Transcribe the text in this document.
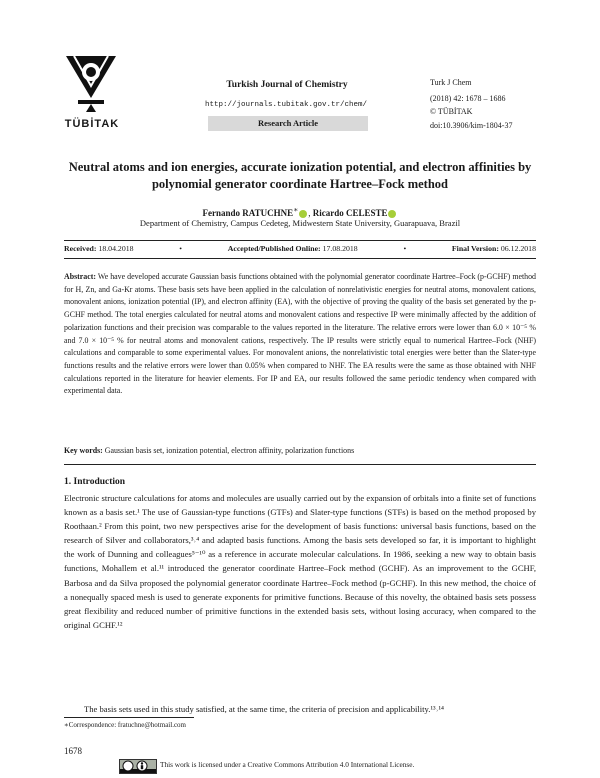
TÜBİTAK
Turkish Journal of Chemistry
http://journals.tubitak.gov.tr/chem/
Research Article
Turk J Chem
(2018) 42: 1678 – 1686
© TÜBİTAK
doi:10.3906/kim-1804-37
Neutral atoms and ion energies, accurate ionization potential, and electron affinities by polynomial generator coordinate Hartree–Fock method
Fernando RATUCHNE∗ , Ricardo CELESTE
Department of Chemistry, Campus Cedeteg, Midwestern State University, Guarapuava, Brazil
Received: 18.04.2018	•	Accepted/Published Online: 17.08.2018	•	Final Version: 06.12.2018
Abstract: We have developed accurate Gaussian basis functions obtained with the polynomial generator coordinate Hartree–Fock (p-GCHF) method for H, Zn, and Ga-Kr atoms. These basis sets have been applied in the calculation of nonrelativistic energies for neutral atoms, monovalent cations, monovalent anions, ionization potential (IP), and electron affinity (EA), with the objective of proving the quality of the basis set generated by the p-GCHF method. The total energies calculated for neutral atoms and monovalent cations and respective IP were minimally affected by the addition of polarization functions and their precision was comparable to the values reported in the literature. The relative errors were lower than 6.0 × 10⁻⁵ % and 7.0 × 10⁻⁵ % for neutral atoms and monovalent cations, respectively. The IP results were strictly equal to numerical Hartree–Fock (NHF) calculations and comparable to some experimental values. For monovalent anions, the nonrelativistic total energies were better than the Slater-type functions results and the relative errors were lower than 0.05% when compared to NHF. The EA results were the same as those obtained with NHF calculations reported in the literature for heavier elements. For IP and EA, our results followed the same periodic tendency when compared with experimental data.
Key words: Gaussian basis set, ionization potential, electron affinity, polarization functions
1. Introduction
Electronic structure calculations for atoms and molecules are usually carried out by the expansion of orbitals into a finite set of functions known as a basis set.¹ The use of Gaussian-type functions (GTFs) and Slater-type functions (STFs) is based on the method proposed by Roothaan.² From this point, two new perspectives arise for the development of basis functions: universal basis functions, based on the research of Silver and collaborators,³˒⁴ and adapted basis functions. Among the basis sets developed so far, it is important to highlight the work of Dunning and colleagues⁵⁻¹⁰ as a reference in accurate molecular calculations. In 1986, seeking a new way to obtain basis functions, Mohallem et al.¹¹ introduced the generator coordinate Hartree–Fock method (GCHF). As an improvement to the GCHF, Barbosa and da Silva proposed the polynomial generator coordinate Hartree–Fock method (p-GCHF). In this new method, the choice of a nonequally spaced mesh is used to generate exponents for primitive functions. Because of this novelty, the obtained basis sets possess great flexibility and reduced number of primitive functions in the extended basis sets, without losing accuracy, when compared to the original GCHF.¹²
The basis sets used in this study satisfied, at the same time, the criteria of precision and applicability.¹³˒¹⁴
∗Correspondence: fratuchne@hotmail.com
1678
This work is licensed under a Creative Commons Attribution 4.0 International License.
